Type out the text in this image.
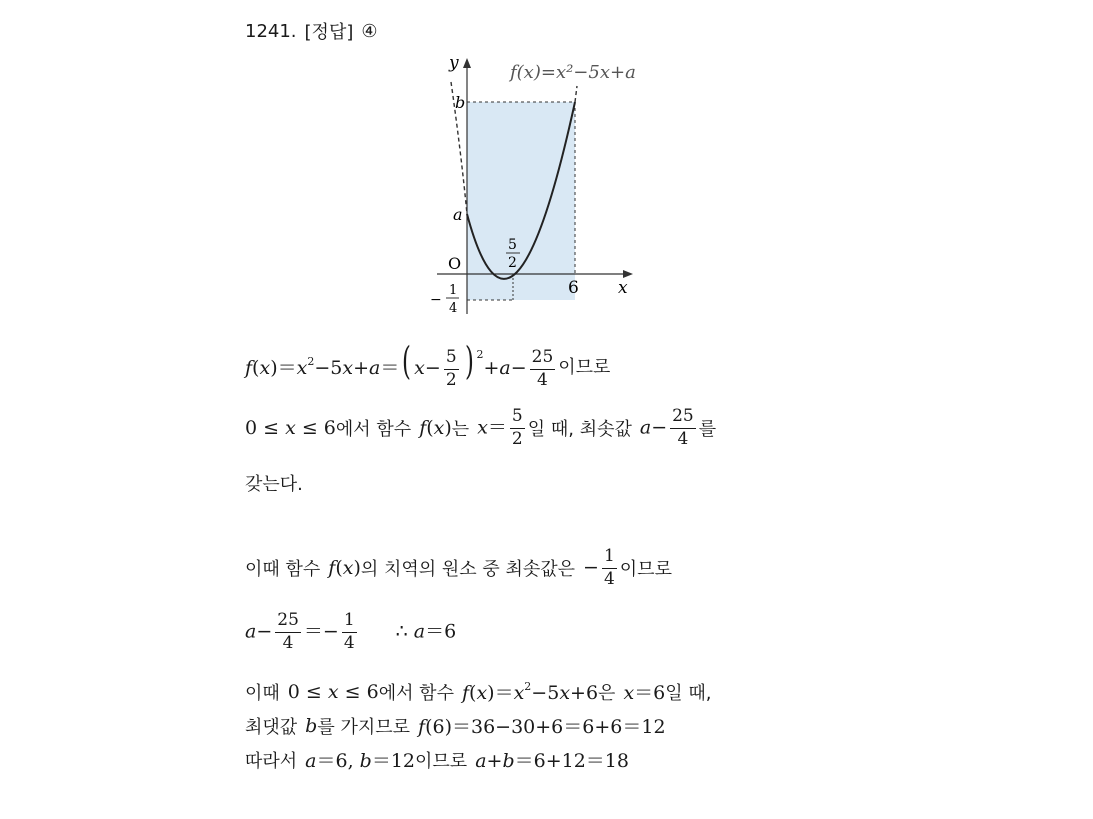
1241. [정답] ④
y	f(x)=x²−5x+a
b
a
O
5
2
6 x
−
1
4
$f(x)=x^2-5x+a=$( $x- \frac{5}{2}$ ) $^2+a- \frac{25}{4}$ 이므로
0 ≤ x ≤ 6 에서 함수 f(x) 는 $x= \frac{5}{2}$ 일 때, 최솟값 $a- \frac{25}{4}$ 를
갖는다.
이때 함수 f(x) 의 치역의 원소 중 최솟값은 − $\frac{1}{4}$ 이므로
$a- \frac{25}{4} =- \frac{1}{4}$ ∴ a＝6
이때 0 ≤ x ≤ 6 에서 함수 $f(x)=x^2-5x+6$ 은 x＝6 일 때,
최댓값 b 를 가지므로 f(6)＝36−30+6＝6+6＝12
따라서 a＝6, b＝12 이므로 a+b＝6+12＝18
